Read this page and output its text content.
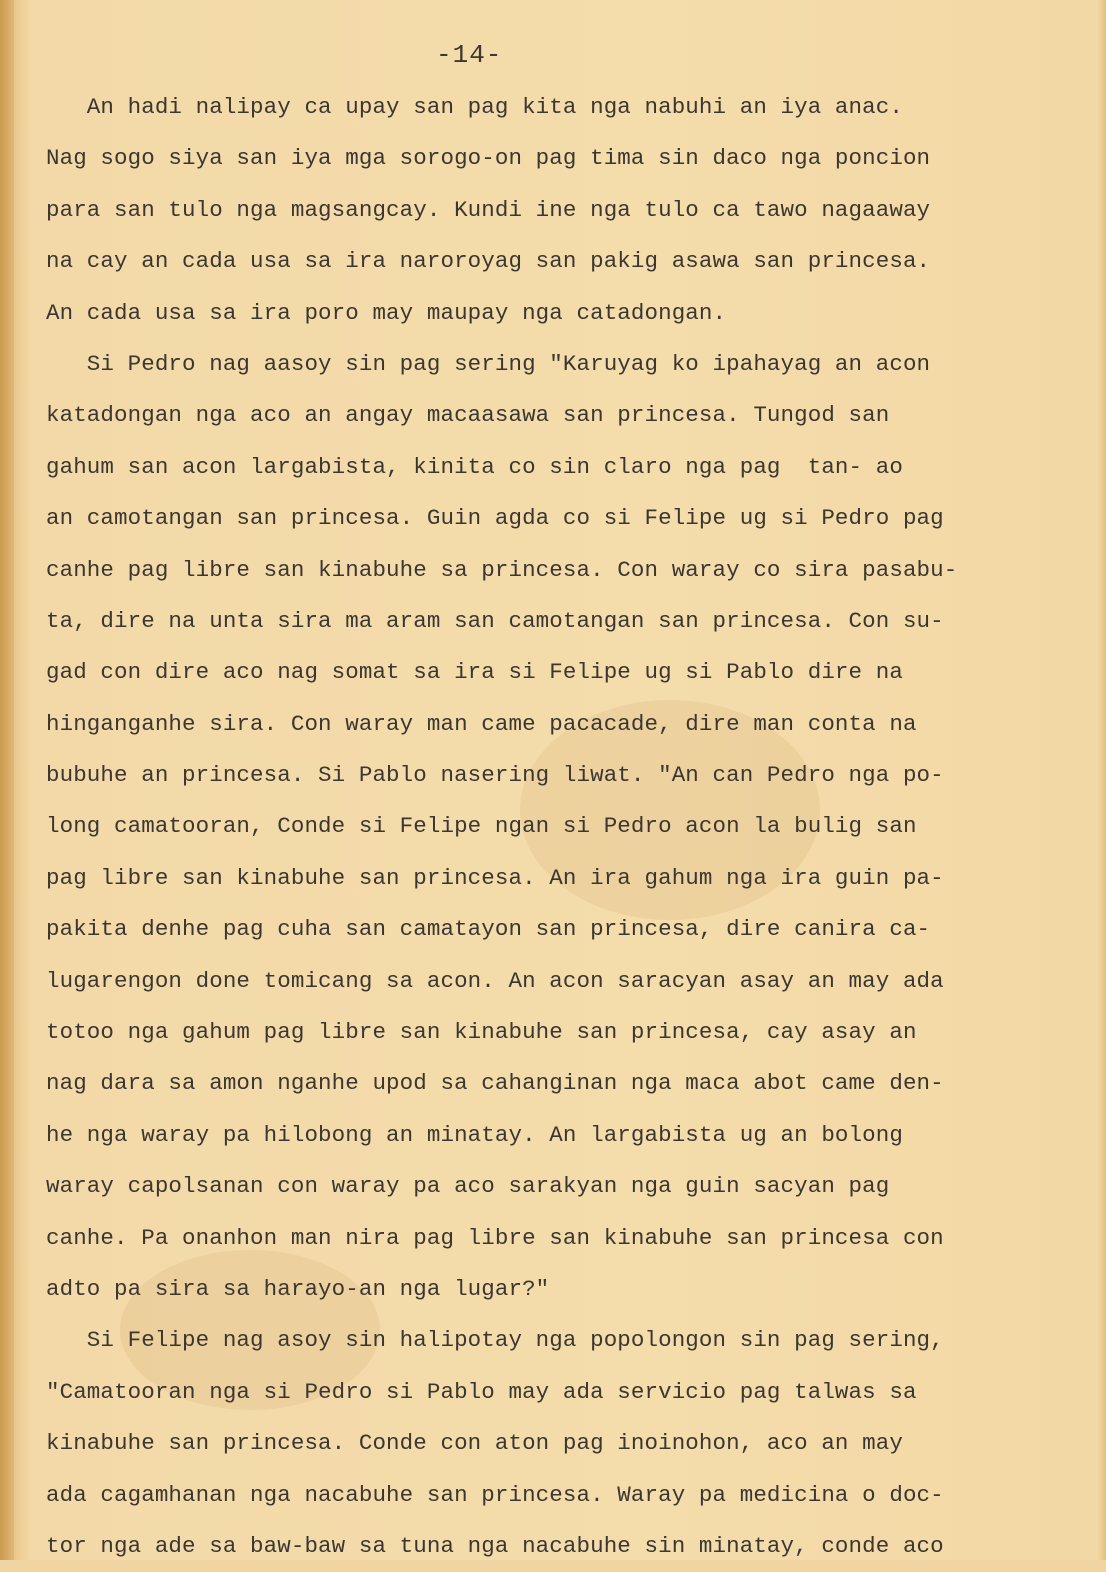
-14-
An hadi nalipay ca upay san pag kita nga nabuhi an iya anac.
Nag sogo siya san iya mga sorogo-on pag tima sin daco nga poncion
para san tulo nga magsangcay. Kundi ine nga tulo ca tawo nagaaway
na cay an cada usa sa ira naroroyag san pakig asawa san princesa.
An cada usa sa ira poro may maupay nga catadongan.
Si Pedro nag aasoy sin pag sering "Karuyag ko ipahayag an acon
katadongan nga aco an angay macaasawa san princesa. Tungod san
gahum san acon largabista, kinita co sin claro nga pag  tan- ao
an camotangan san princesa. Guin agda co si Felipe ug si Pedro pag
canhe pag libre san kinabuhe sa princesa. Con waray co sira pasabu-
ta, dire na unta sira ma aram san camotangan san princesa. Con su-
gad con dire aco nag somat sa ira si Felipe ug si Pablo dire na
hinganganhe sira. Con waray man came pacacade, dire man conta na
bubuhe an princesa. Si Pablo nasering liwat. "An can Pedro nga po-
long camatooran, Conde si Felipe ngan si Pedro acon la bulig san
pag libre san kinabuhe san princesa. An ira gahum nga ira guin pa-
pakita denhe pag cuha san camatayon san princesa, dire canira ca-
lugarengon done tomicang sa acon. An acon saracyan asay an may ada
totoo nga gahum pag libre san kinabuhe san princesa, cay asay an
nag dara sa amon nganhe upod sa cahanginan nga maca abot came den-
he nga waray pa hilobong an minatay. An largabista ug an bolong
waray capolsanan con waray pa aco sarakyan nga guin sacyan pag
canhe. Pa onanhon man nira pag libre san kinabuhe san princesa con
adto pa sira sa harayo-an nga lugar?"
Si Felipe nag asoy sin halipotay nga popolongon sin pag sering,
"Camatooran nga si Pedro si Pablo may ada servicio pag talwas sa
kinabuhe san princesa. Conde con aton pag inoinohon, aco an may
ada cagamhanan nga nacabuhe san princesa. Waray pa medicina o doc-
tor nga ade sa baw-baw sa tuna nga nacabuhe sin minatay, conde aco
